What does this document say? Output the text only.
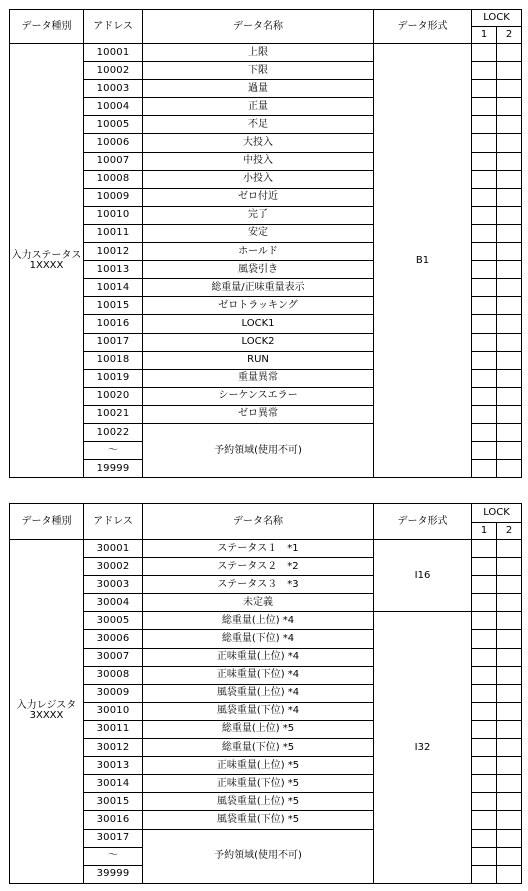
データ種別	アドレス	データ名称	データ形式	LOCK	
				1	2

入力ステータス
1XXXX	10001	上限	B1		
	10002	下限			
	10003	過量			
	10004	正量			
	10005	不足			
	10006	大投入			
	10007	中投入			
	10008	小投入			
	10009	ゼロ付近			
	10010	完了			
	10011	安定			
	10012	ホールド			
	10013	風袋引き			
	10014	総重量/正味重量表示			
	10015	ゼロトラッキング			
	10016	LOCK1			
	10017	LOCK2			
	10018	RUN			
	10019	重量異常			
	10020	シーケンスエラー			
	10021	ゼロ異常			
	10022	予約領域(使用不可)			
	～				
	19999				
データ種別	アドレス	データ名称	データ形式	LOCK	
				1	2

入力レジスタ
3XXXX	30001	ステータス１　*1	I16		
	30002	ステータス２　*2			
	30003	ステータス３　*3			
	30004	未定義			
	30005	総重量(上位) *4	I32		
	30006	総重量(下位) *4			
	30007	正味重量(上位) *4			
	30008	正味重量(下位) *4			
	30009	風袋重量(上位) *4			
	30010	風袋重量(下位) *4			
	30011	総重量(上位) *5			
	30012	総重量(下位) *5			
	30013	正味重量(上位) *5			
	30014	正味重量(下位) *5			
	30015	風袋重量(上位) *5			
	30016	風袋重量(下位) *5			
	30017	予約領域(使用不可)			
	～				
	39999				
